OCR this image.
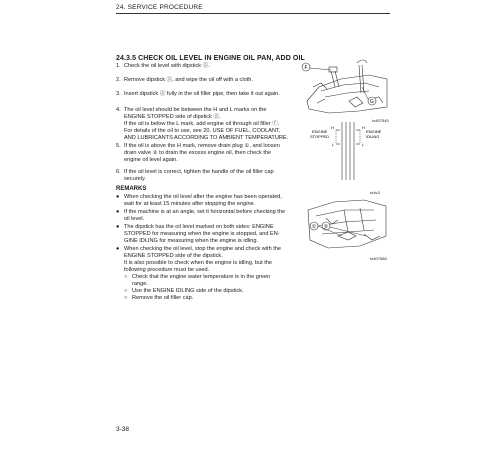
24. SERVICE PROCEDURE
24.3.5 CHECK OIL LEVEL IN ENGINE OIL PAN, ADD OIL
1. Check the oil level with dipstick ⓖ.
2. Remove dipstick ⓖ, and wipe the oil off with a cloth.
3. Insert dipstick ⓖ fully in the oil filler pipe, then take it out again.
4. The oil level should be between the H and L marks on the
ENGINE STOPPED side of dipstick ⓖ.
If the oil is below the L mark, add engine oil through oil filler ⓕ.
For details of the oil to use, see 20. USE OF FUEL, COOLANT,
AND LUBRICANTS ACCORDING TO AMBIENT TEMPERATURE.
5. If the oil is above the H mark, remove drain plug ①, and loosen
drain valve ② to drain the excess engine oil, then check the
engine oil level again.
6. If the oil level is correct, tighten the handle of the oil filler cap
securely.
REMARKS
● When checking the oil level after the engine has been operated,
wait for at least 15 minutes after stopping the engine.
● If the machine is at an angle, set it horizontal before checking the
oil level.
● The dipstick has the oil level marked on both sides: ENGINE
STOPPED for measuring when the engine is stopped, and EN-
GINE IDLING for measuring when the engine is idling.
● When checking the oil level, stop the engine and check with the
ENGINE STOPPED side of the dipstick.
It is also possible to check when the engine is idling, but the
following procedure must be used.
○ Check that the engine water temperature is in the green
range.
○ Use the ENGINE IDLING side of the dipstick.
○ Remove the oil filler cap.
3-38
F
G
to407545
H
L
H
L
ENGINE
STOPPED
ENGINE
IDLING
to4v3
① ②
to407586
